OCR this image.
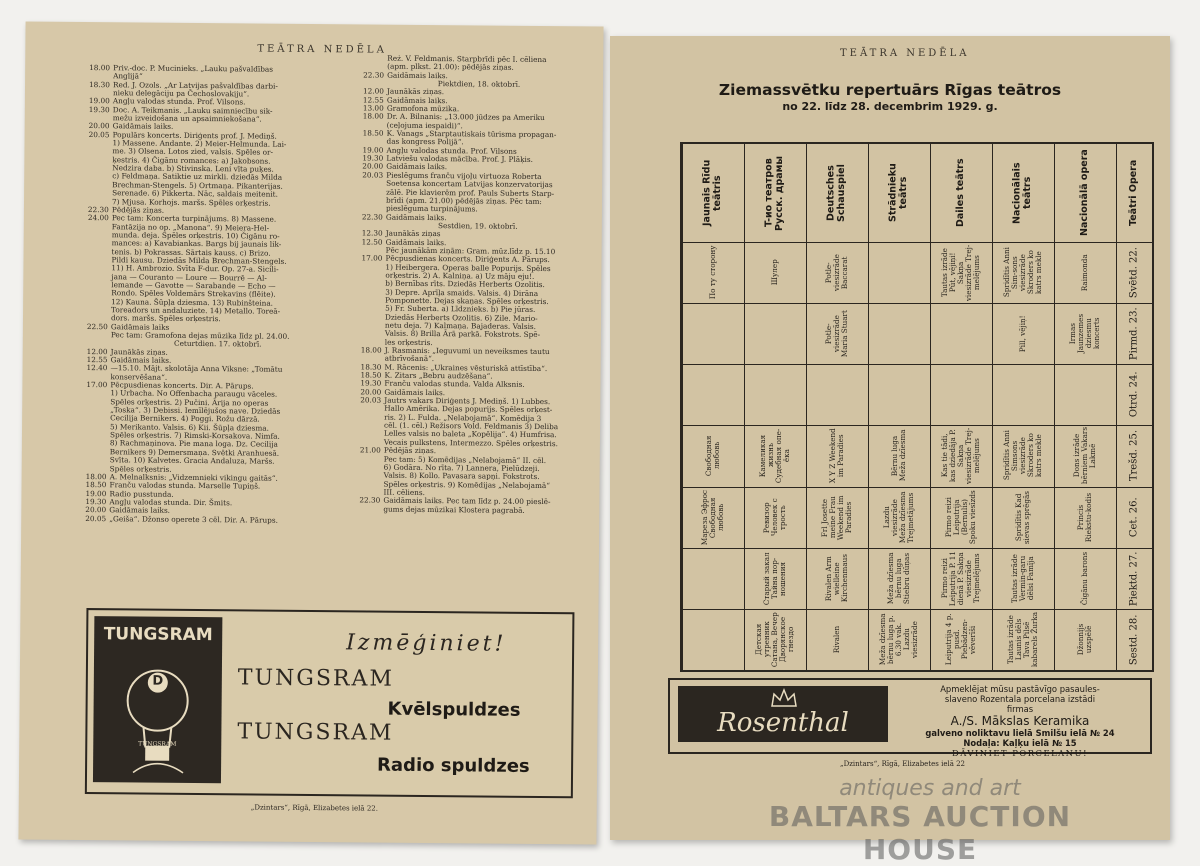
TEĀTRA NEDĒLA
18.00 Priv.-doc. P. Mucinieks. „Lauku pašvaldības
Anglijā“
18.30 Red. J. Ozols. „Ar Latvijas pašvaldības darbi-
nieku delegāciju pa Čechoslovakiju“.
19.00 Angļu valodas stunda. Prof. Vilsons.
19.30 Doc. A. Teikmanis. „Lauku saimniecību sik-
mežu izveidošana un apsaimniekošana“.
20.00 Gaidāmais laiks.
20.05 Populārs koncerts. Diriģents prof. J. Mediņš.
1) Massene. Andante. 2) Meier-Helmunda. Lai-
me. 3) Olsena. Lotos zied, valsis. Spēles or-
ķestris. 4) Čigānu romances: a) Jakobsons.
Nedzira daba. b) Stivinska. Leni vīta puķes.
c) Feldmaņa. Satiktie uz mirkli. dziedās Milda
Brechman-Stengels. 5) Ortmaņa. Pikanterijas.
Serenade. 6) Pikkerta. Nāc, saldais meitenit.
7) Mjusa. Korhojs. maršs. Spēles orķestris.
22.30 Pēdējās ziņas.
24.00 Pec tam: Koncerta turpinājums. 8) Massene.
Fantāzija no op. „Manona“. 9) Meiera-Hel-
munda. deja. Spēles orķestris. 10) Čigānu ro-
mances: a) Kavabiankas. Bargs bij jaunais lik-
tenis. b) Pokrassas. Sārtais kauss. c) Brizo.
Pildi kausu. Dziedās Milda Brechman-Stengels.
11) H. Ambrozio. Svīta F-dur. Op. 27-a. Sicili-
jana — Couranto — Loure — Bourrē — Al-
lemande — Gavotte — Sarabande — Echo —
Rondo. Spēles Voldemārs Strekavins (flēite).
12) Kauna. Šūpļa dziesma. 13) Rubinšteina.
Toreadors un andaluziete. 14) Metallo. Toreā-
dors. maršs. Spēles orķestris.
22.50 Gaidāmais laiks
Pec tam: Gramofona dejas mūzika līdz pl. 24.00.
Ceturtdien. 17. oktobrī.
12.00 Jaunākās ziņas.
12.55 Gaidāmais laiks.
12.40 —15.10. Mājt. skolotāja Anna Viksne: „Tomātu
konservēšana“.
17.00 Pēcpusdienas koncerts. Dir. A. Pārups.
1) Urbacha. No Offenbacha paraugu vāceles.
Spēles orķestris. 2) Pučini. Ārija no operas
„Toska“. 3) Debissi. Iemīlējušos nave. Dziedās
Cecilija Bernikers. 4) Poggi. Rožu dārzā.
5) Merikanto. Valsis. 6) Kii. Šūpļa dziesma.
Spēles orķestris. 7) Rimski-Korsakova. Nimfa.
8) Rachmaņinova. Pie mana loga. Dz. Cecilija
Bernikers 9) Demersmaņa. Svētki Aranhuesā.
Svīta. 10) Kalvetes. Gracia Andaluza, Maršs.
Spēles orķestris.
18.00 A. Melnalksnis: „Vidzemnieki vikingu gaitās“.
18.50 Franču valodas stunda. Marselle Tupiņš.
19.00 Radio pusstunda.
19.30 Angļu valodas stunda. Dir. Šmits.
20.00 Gaidāmais laiks.
20.05 „Geiša“. Džonso operete 3 cēl. Dir. A. Pārups.
Reż. V. Feldmanis. Starpbrīdi pēc I. cēliena
(apm. plkst. 21.00): pēdējās ziņas.
22.30 Gaidāmais laiks.
Piektdien, 18. oktobrī.
12.00 Jaunākās ziņas.
12.55 Gaidāmais laiks.
13.00 Gramofona mūzika.
18.00 Dr. A. Bilnanis: „13.000 jūdzes pa Ameriku
(ceļojuma iespaidi)“.
18.50 K. Vanags „Starptautiskais tūrisma propagan-
das kongress Polijā“.
19.00 Angļu valodas stunda. Prof. Vilsons
19.30 Latviešu valodas mācība. Prof. J. Plāķis.
20.00 Gaidāmais laiks.
20.03 Pieslēgums franču vijoļu virtuoza Roberta
Soetensa koncertam Latvijas konzervatorijas
zālē. Pie klavierēm prof. Pauls Suberts Starp-
brīdi (apm. 21.00) pēdējās ziņas. Pēc tam:
pieslēguma turpinājums.
22.30 Gaidāmais laiks.
Sestdien, 19. oktobrī.
12.30 Jaunākās ziņas
12.50 Gaidāmais laiks.
Pēc jaunākām ziņām: Gram. mūz.līdz p. 15.10
17.00 Pēcpusdienas koncerts. Diriģents A. Pārups.
1) Heibergera. Operas balle Popurijs. Spēles
orķestris. 2) A. Kalniņa. a) Uz māju eju!.
b) Bernības rīts. Dziedās Herberts Ozolitis.
3) Depre. Aprīļa smaids. Valsis. 4) Dirāna
Pomponette. Dejas skaņas. Spēles orķestris.
5) Fr. Suberta. a) Līdznieks. b) Pie jūras.
Dziedās Herberts Ozolitis. 6) Zile. Mario-
netu deja. 7) Kalmaņa. Bajaderas. Valsis.
Valsis. 8) Brilla Ārā parkā. Fokstrots. Spē-
les orķestris.
18.00 J. Rasmanis: „Ieguvumi un neveiksmes tautu
atbrīvošanā“.
18.30 M. Rācenis: „Ukraines vēsturiskā attīstība“.
18.50 K. Zitars „Bebru audzēšana“.
19.30 Franču valodas stunda. Valda Alksnis.
20.00 Gaidāmais laiks.
20.03 Jautrs vakars Diriģents J. Mediņš. 1) Lubbes.
Hallo Amērika. Dejas popurijs. Spēles orķest-
ris. 2) L. Fulda. „Nelabojamā“. Komēdija 3
cēl. (1. cēl.) Režisors Vold. Feldmanis 3) Deliba
Lelles valsis no baleta „Kopēlija“. 4) Humfrisa.
Vecais pulkstens, Intermezzo. Spēles orķestris.
21.00 Pēdējās ziņas.
Pec tam: 5) Komēdijas „Nelabojamā“ II. cēl.
6) Godāra. No rīta. 7) Lannera, Pielūdzeji.
Valsis. 8) Kollo. Pavasara sapņi. Fokstrots.
Spēles orķestris. 9) Komēdijas „Nelabojamā“
III. cēliens.
22.30 Gaidāmais laiks. Pec tam līdz p. 24.00 pieslē-
gums dejas mūzikai Klostera pagrabā.
TUNGSRAM
D
TUNGSRAM
Izmēģiniet!
TUNGSRAM
Kvēlspuldzes
TUNGSRAM
Radio spuldzes
„Dzintars“, Rīgā, Elizabetes ielā 22.
TEĀTRA NEDĒLA
Ziemassvētku repertuārs Rīgas teātros
no 22. līdz 28. decembrim 1929. g.
Teātri Opera
Nacionālā opera
Nacionālais teātrs
Dailes teātrs
Strādnieku teātrs
Deutsches Schauspiel
T-ио театров Русск. драмы
Jaunais Rīdu teātris
Svētd. 22.
Pirmd. 23.
Otrd. 24.
Trešd. 25.
Cet. 26.
Piektd. 27.
Sestd. 28.
Raimonda
Irmas Jaunzemes dziesmu koncerts
Dons izrāde bērniem Vakars Lakmē
Princis Riekstu-kodis
Čigānu barons
Džonnijs uzspēlē
Spridītis Anni Sim-sons viesizrāde Skroders ko katrs mekle
Pill, vējiņ!
Spridītis Anni Simsons viesizrāde Skroders ko katrs mekle
Spridītis Kad sievas sprēgās
Tautas izrāde Vermin-garu dēlsi Famīja
Tautas izrāde Launis dēls Tava Pilsē kabarels Žurka
Tautas izrāde Pūt, vējiņi! Sakņa viesizrāde Trej-melējums
Kas tie tādi, kas dziedāja P. Sakņa viesizrāde Trej-melējums
Pirmo reizi Leiputrija (Bernulis) Spoku viesīzds
Pirmo reizi Leiputrija P. 11 dienā P. Sakņa viesizrāde Trejmelējums
Leiputrija 4 p. pusd. Piebādzen-vēverīši
Bērnu luga Meža dzīesma
Lazdu viesizrāde Meža dzīesma Trejmetājums
Meža dzīesma bērnu luga Stiebru dūņas
Meža dzīesma bērnu luga p. 6.30 vak. Lazdu viesizrāde
Potle-viesizrāde Baccarat
Potle-viesizrāde Maria Stuart
X Y Z Weekend im Paradies
Frl Josette meine Frau Weekend im Paradies
Rivalen Arm wielleine Kirchenmaus
Rivalen
Шулер
Камеликая жизнь Судебная опе-ёка
Ревизор Человек с трость
Старый закал Тайна пор-ношения
Детская утренник Сатана, Вечер Дворянское гнездо
По ту сторону
Свободная любовь
Мареза Эфрос Свободная любовь
Rosenthal
Apmeklējat mūsu pastāvīgo pasaules-
slaveno Rozentala porcelana izstādi
firmas
A./S. Mākslas Keramika
galveno noliktavu lielā Smilšu ielā № 24
Nodaļa: Kaļķu ielā № 15
DĀVINIET PORCELANU!
„Dzintars“, Rīgā, Elizabetes ielā 22
antiques and art
BALTARS AUCTION HOUSE
